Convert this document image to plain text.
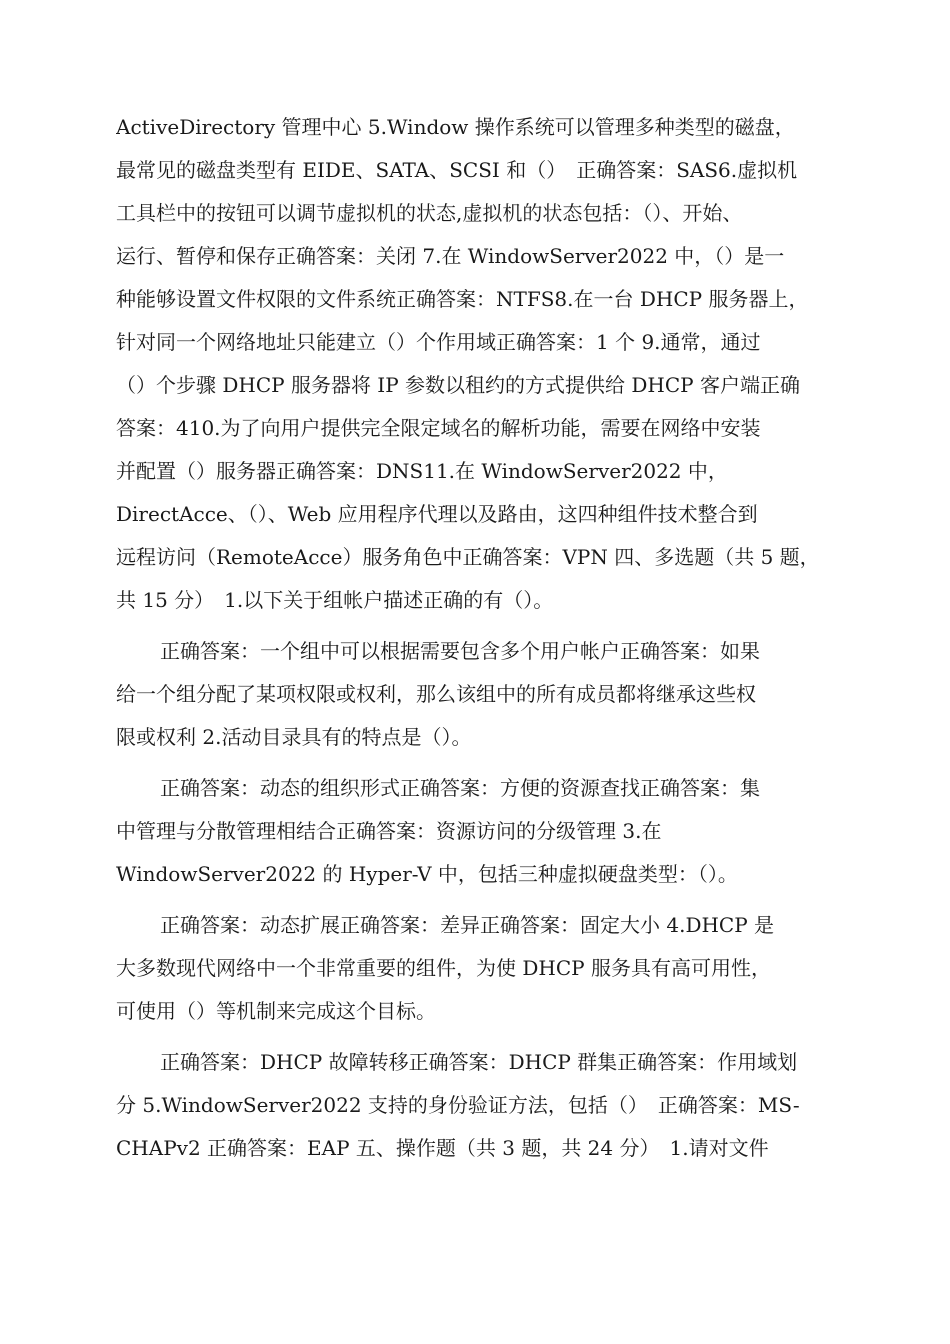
ActiveDirectory 管理中心 5.Window 操作系统可以管理多种类型的磁盘，
最常见的磁盘类型有 EIDE、SATA、SCSI 和（）　正确答案：SAS6.虚拟机
工具栏中的按钮可以调节虚拟机的状态,虚拟机的状态包括：（）、开始、
运行、暂停和保存正确答案：关闭 7.在 WindowServer2022 中，（）是一
种能够设置文件权限的文件系统正确答案：NTFS8.在一台 DHCP 服务器上，
针对同一个网络地址只能建立（）个作用域正确答案：1 个 9.通常，通过
（）个步骤 DHCP 服务器将 IP 参数以租约的方式提供给 DHCP 客户端正确
答案：410.为了向用户提供完全限定域名的解析功能，需要在网络中安装
并配置（）服务器正确答案：DNS11.在 WindowServer2022 中，
DirectAcce、（）、Web 应用程序代理以及路由，这四种组件技术整合到
远程访问（RemoteAcce）服务角色中正确答案：VPN 四、多选题（共 5 题，
共 15 分）　1.以下关于组帐户描述正确的有（）。
正确答案：一个组中可以根据需要包含多个用户帐户正确答案：如果
给一个组分配了某项权限或权利，那么该组中的所有成员都将继承这些权
限或权利 2.活动目录具有的特点是（）。
正确答案：动态的组织形式正确答案：方便的资源查找正确答案：集
中管理与分散管理相结合正确答案：资源访问的分级管理 3.在
WindowServer2022 的 Hyper-V 中，包括三种虚拟硬盘类型：（）。
正确答案：动态扩展正确答案：差异正确答案：固定大小 4.DHCP 是
大多数现代网络中一个非常重要的组件，为使 DHCP 服务具有高可用性，
可使用（）等机制来完成这个目标。
正确答案：DHCP 故障转移正确答案：DHCP 群集正确答案：作用域划
分 5.WindowServer2022 支持的身份验证方法，包括（）　正确答案：MS-
CHAPv2 正确答案：EAP 五、操作题（共 3 题，共 24 分）　1.请对文件
